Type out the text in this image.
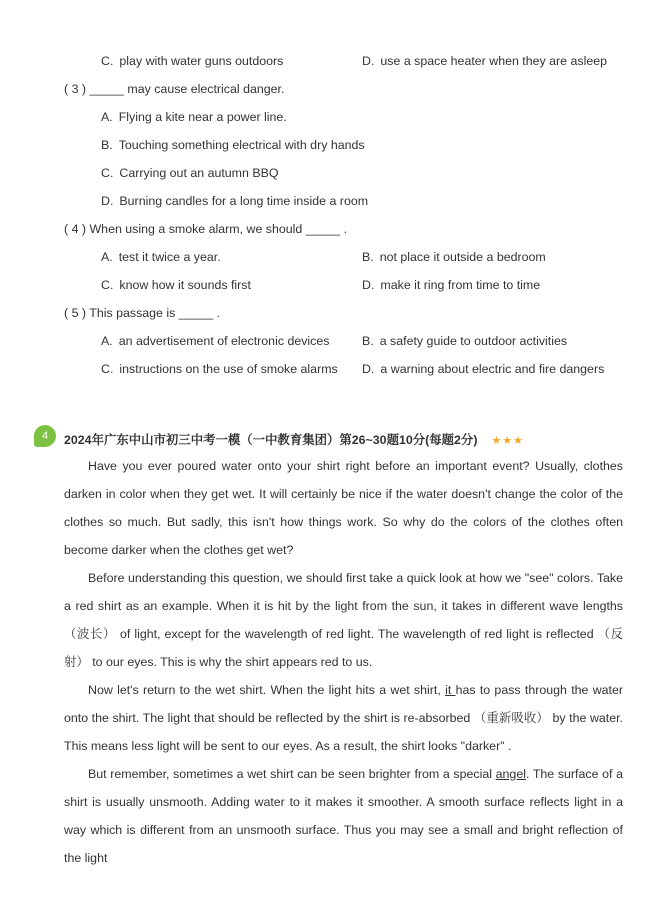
C. play with water guns outdoors	D. use a space heater when they are asleep
( 3 ) _____ may cause electrical danger.
A. Flying a kite near a power line.
B. Touching something electrical with dry hands
C. Carrying out an autumn BBQ
D. Burning candles for a long time inside a room
( 4 ) When using a smoke alarm, we should _____ .
A. test it twice a year.	B. not place it outside a bedroom
C. know how it sounds first	D. make it ring from time to time
( 5 ) This passage is _____ .
A. an advertisement of electronic devices	B. a safety guide to outdoor activities
C. instructions on the use of smoke alarms D. a warning about electric and fire dangers
4	2024年广东中山市初三中考一模（一中教育集团）第26~30题10分(每题2分) ★★★
Have you ever poured water onto your shirt right before an important event? Usually, clothes darken in color when they get wet. It will certainly be nice if the water doesn't change the color of the clothes so much. But sadly, this isn't how things work. So why do the colors of the clothes often become darker when the clothes get wet?
Before understanding this question, we should first take a quick look at how we "see" colors. Take a red shirt as an example. When it is hit by the light from the sun, it takes in different wave lengths （波长） of light, except for the wavelength of red light. The wavelength of red light is reflected （反射） to our eyes. This is why the shirt appears red to us.
Now let's return to the wet shirt. When the light hits a wet shirt, it has to pass through the water onto the shirt. The light that should be reflected by the shirt is re-absorbed （重新吸收） by the water. This means less light will be sent to our eyes. As a result, the shirt looks "darker" .
But remember, sometimes a wet shirt can be seen brighter from a special angel. The surface of a shirt is usually unsmooth. Adding water to it makes it smoother. A smooth surface reflects light in a way which is different from an unsmooth surface. Thus you may see a small and bright reflection of the light
